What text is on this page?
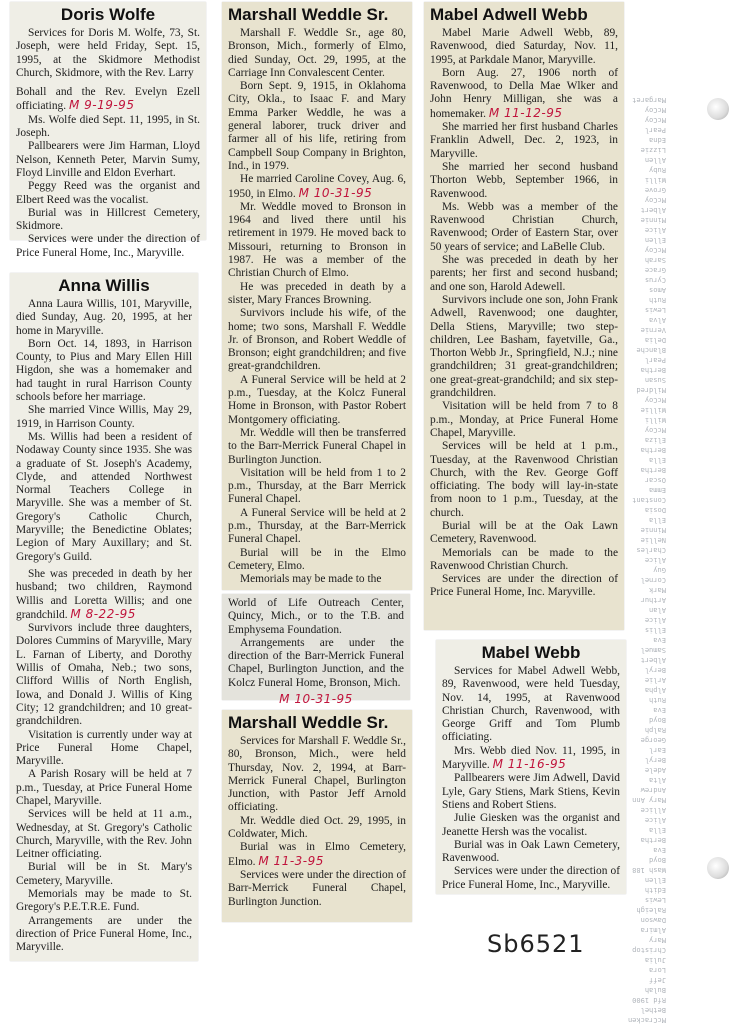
McCracken
Bethel
Rfd 1900
Bulah
Jeff
Lora
Julia
Christop
Mary
Almira
Dawson
Raleigh
Lewis
Edith
Ellen
Wash 188
Boyd
Eva
Bertha
Ella
Alice
Allice
Mary Ann
Andrew
Alta
Adele
Beryl
Earl
George
Ralph
Boyd
Eva
Ruth
Alpha
Arlie
Beryl
Albert
Samuel
Eva
Ellis
Alice
Alan
Arthur
Mark
Cornel
Guy
Alice
Charles
Nellie
Minnie
Ella
Dosia
Constant
Emma
Oscar
Bertha
Ella
Bertha
Eliza
McCoy
Willi
Willie
McCoy
Mildred
Susan
Bertha
Pearl
Blanche
Delia
Vernie
Alva
Lewis
Ruth
Amos
Cyrus
Grace
Sarah
McCoy
Ellen
Alice
Minnie
Albert
McCoy
Grove
Willi
Ruby
Allen
Lizzie
Edna
Pearl
McCoy
McCoy
Margaret
Doris Wolfe

Services for Doris M. Wolfe, 73, St. Joseph, were held Friday, Sept. 15, 1995, at the Skidmore Methodist Church, Skidmore, with the Rev. Larry

Bohall and the Rev. Evelyn Ezell officiating. M 9-19-95

Ms. Wolfe died Sept. 11, 1995, in St. Joseph.

Pallbearers were Jim Harman, Lloyd Nelson, Kenneth Peter, Marvin Sumy, Floyd Linville and Eldon Everhart.

Peggy Reed was the organist and Elbert Reed was the vocalist.

Burial was in Hillcrest Cemetery, Skidmore.

Services were under the direction of Price Funeral Home, Inc., Maryville.

Anna Willis

Anna Laura Willis, 101, Maryville, died Sunday, Aug. 20, 1995, at her home in Maryville.

Born Oct. 14, 1893, in Harrison County, to Pius and Mary Ellen Hill Higdon, she was a homemaker and had taught in rural Harrison County schools before her marriage.

She married Vince Willis, May 29, 1919, in Harrison County.

Ms. Willis had been a resident of Nodaway County since 1935. She was a graduate of St. Joseph's Academy, Clyde, and attended Northwest Normal Teachers College in Maryville. She was a member of St. Gregory's Catholic Church, Maryville; the Benedictine Oblates; Legion of Mary Auxillary; and St. Gregory's Guild.

She was preceded in death by her husband; two children, Raymond Willis and Loretta Willis; and one grandchild. M 8-22-95

Survivors include three daughters, Dolores Cummins of Maryville, Mary L. Farnan of Liberty, and Dorothy Willis of Omaha, Neb.; two sons, Clifford Willis of North English, Iowa, and Donald J. Willis of King City; 12 grandchildren; and 10 great-grandchildren.

Visitation is currently under way at Price Funeral Home Chapel, Maryville.

A Parish Rosary will be held at 7 p.m., Tuesday, at Price Funeral Home Chapel, Maryville.

Services will be held at 11 a.m., Wednesday, at St. Gregory's Catholic Church, Maryville, with the Rev. John Leitner officiating.

Burial will be in St. Mary's Cemetery, Maryville.

Memorials may be made to St. Gregory's P.E.T.R.E. Fund.

Arrangements are under the direction of Price Funeral Home, Inc., Maryville.

Marshall Weddle Sr.

Marshall F. Weddle Sr., age 80, Bronson, Mich., formerly of Elmo, died Sunday, Oct. 29, 1995, at the Carriage Inn Convalescent Center.

Born Sept. 9, 1915, in Oklahoma City, Okla., to Isaac F. and Mary Emma Parker Weddle, he was a general laborer, truck driver and farmer all of his life, retiring from Campbell Soup Company in Brighton, Ind., in 1979.

He married Caroline Covey, Aug. 6, 1950, in Elmo. M 10-31-95

Mr. Weddle moved to Bronson in 1964 and lived there until his retirement in 1979. He moved back to Missouri, returning to Bronson in 1987. He was a member of the Christian Church of Elmo.

He was preceded in death by a sister, Mary Frances Browning.

Survivors include his wife, of the home; two sons, Marshall F. Weddle Jr. of Bronson, and Robert Weddle of Bronson; eight grandchildren; and five great-grandchildren.

A Funeral Service will be held at 2 p.m., Tuesday, at the Kolcz Funeral Home in Bronson, with Pastor Robert Montgomery officiating.

Mr. Weddle will then be transferred to the Barr-Merrick Funeral Chapel in Burlington Junction.

Visitation will be held from 1 to 2 p.m., Thursday, at the Barr Merrick Funeral Chapel.

A Funeral Service will be held at 2 p.m., Thursday, at the Barr-Merrick Funeral Chapel.

Burial will be in the Elmo Cemetery, Elmo.

Memorials may be made to the

World of Life Outreach Center, Quincy, Mich., or to the T.B. and Emphysema Foundation.

Arrangements are under the direction of the Barr-Merrick Funeral Chapel, Burlington Junction, and the Kolcz Funeral Home, Bronson, Mich.

M 10-31-95
Marshall Weddle Sr.

Services for Marshall F. Weddle Sr., 80, Bronson, Mich., were held Thursday, Nov. 2, 1994, at Barr-Merrick Funeral Chapel, Burlington Junction, with Pastor Jeff Arnold officiating.

Mr. Weddle died Oct. 29, 1995, in Coldwater, Mich.

Burial was in Elmo Cemetery, Elmo. M 11-3-95

Services were under the direction of Barr-Merrick Funeral Chapel, Burlington Junction.

Mabel Adwell Webb

Mabel Marie Adwell Webb, 89, Ravenwood, died Saturday, Nov. 11, 1995, at Parkdale Manor, Maryville.

Born Aug. 27, 1906 north of Ravenwood, to Della Mae Wlker and John Henry Milligan, she was a homemaker. M 11-12-95

She married her first husband Charles Franklin Adwell, Dec. 2, 1923, in Maryville.

She married her second husband Thorton Webb, September 1966, in Ravenwood.

Ms. Webb was a member of the Ravenwood Christian Church, Ravenwood; Order of Eastern Star, over 50 years of service; and LaBelle Club.

She was preceded in death by her parents; her first and second husband; and one son, Harold Adewell.

Survivors include one son, John Frank Adwell, Ravenwood; one daughter, Della Stiens, Maryville; two step-children, Lee Basham, fayetville, Ga., Thorton Webb Jr., Springfield, N.J.; nine grandchildren; 31 great-grandchildren; one great-great-grandchild; and six step-grandchildren.

Visitation will be held from 7 to 8 p.m., Monday, at Price Funeral Home Chapel, Maryville.

Services will be held at 1 p.m., Tuesday, at the Ravenwood Christian Church, with the Rev. George Goff officiating. The body will lay-in-state from noon to 1 p.m., Tuesday, at the church.

Burial will be at the Oak Lawn Cemetery, Ravenwood.

Memorials can be made to the Ravenwood Christian Church.

Services are under the direction of Price Funeral Home, Inc. Maryville.

Mabel Webb

Services for Mabel Adwell Webb, 89, Ravenwood, were held Tuesday, Nov. 14, 1995, at Ravenwood Christian Church, Ravenwood, with George Griff and Tom Plumb officiating.

Mrs. Webb died Nov. 11, 1995, in Maryville. M 11-16-95

Pallbearers were Jim Adwell, David Lyle, Gary Stiens, Mark Stiens, Kevin Stiens and Robert Stiens.

Julie Giesken was the organist and Jeanette Hersh was the vocalist.

Burial was in Oak Lawn Cemetery, Ravenwood.

Services were under the direction of Price Funeral Home, Inc., Maryville.

Sb6521
